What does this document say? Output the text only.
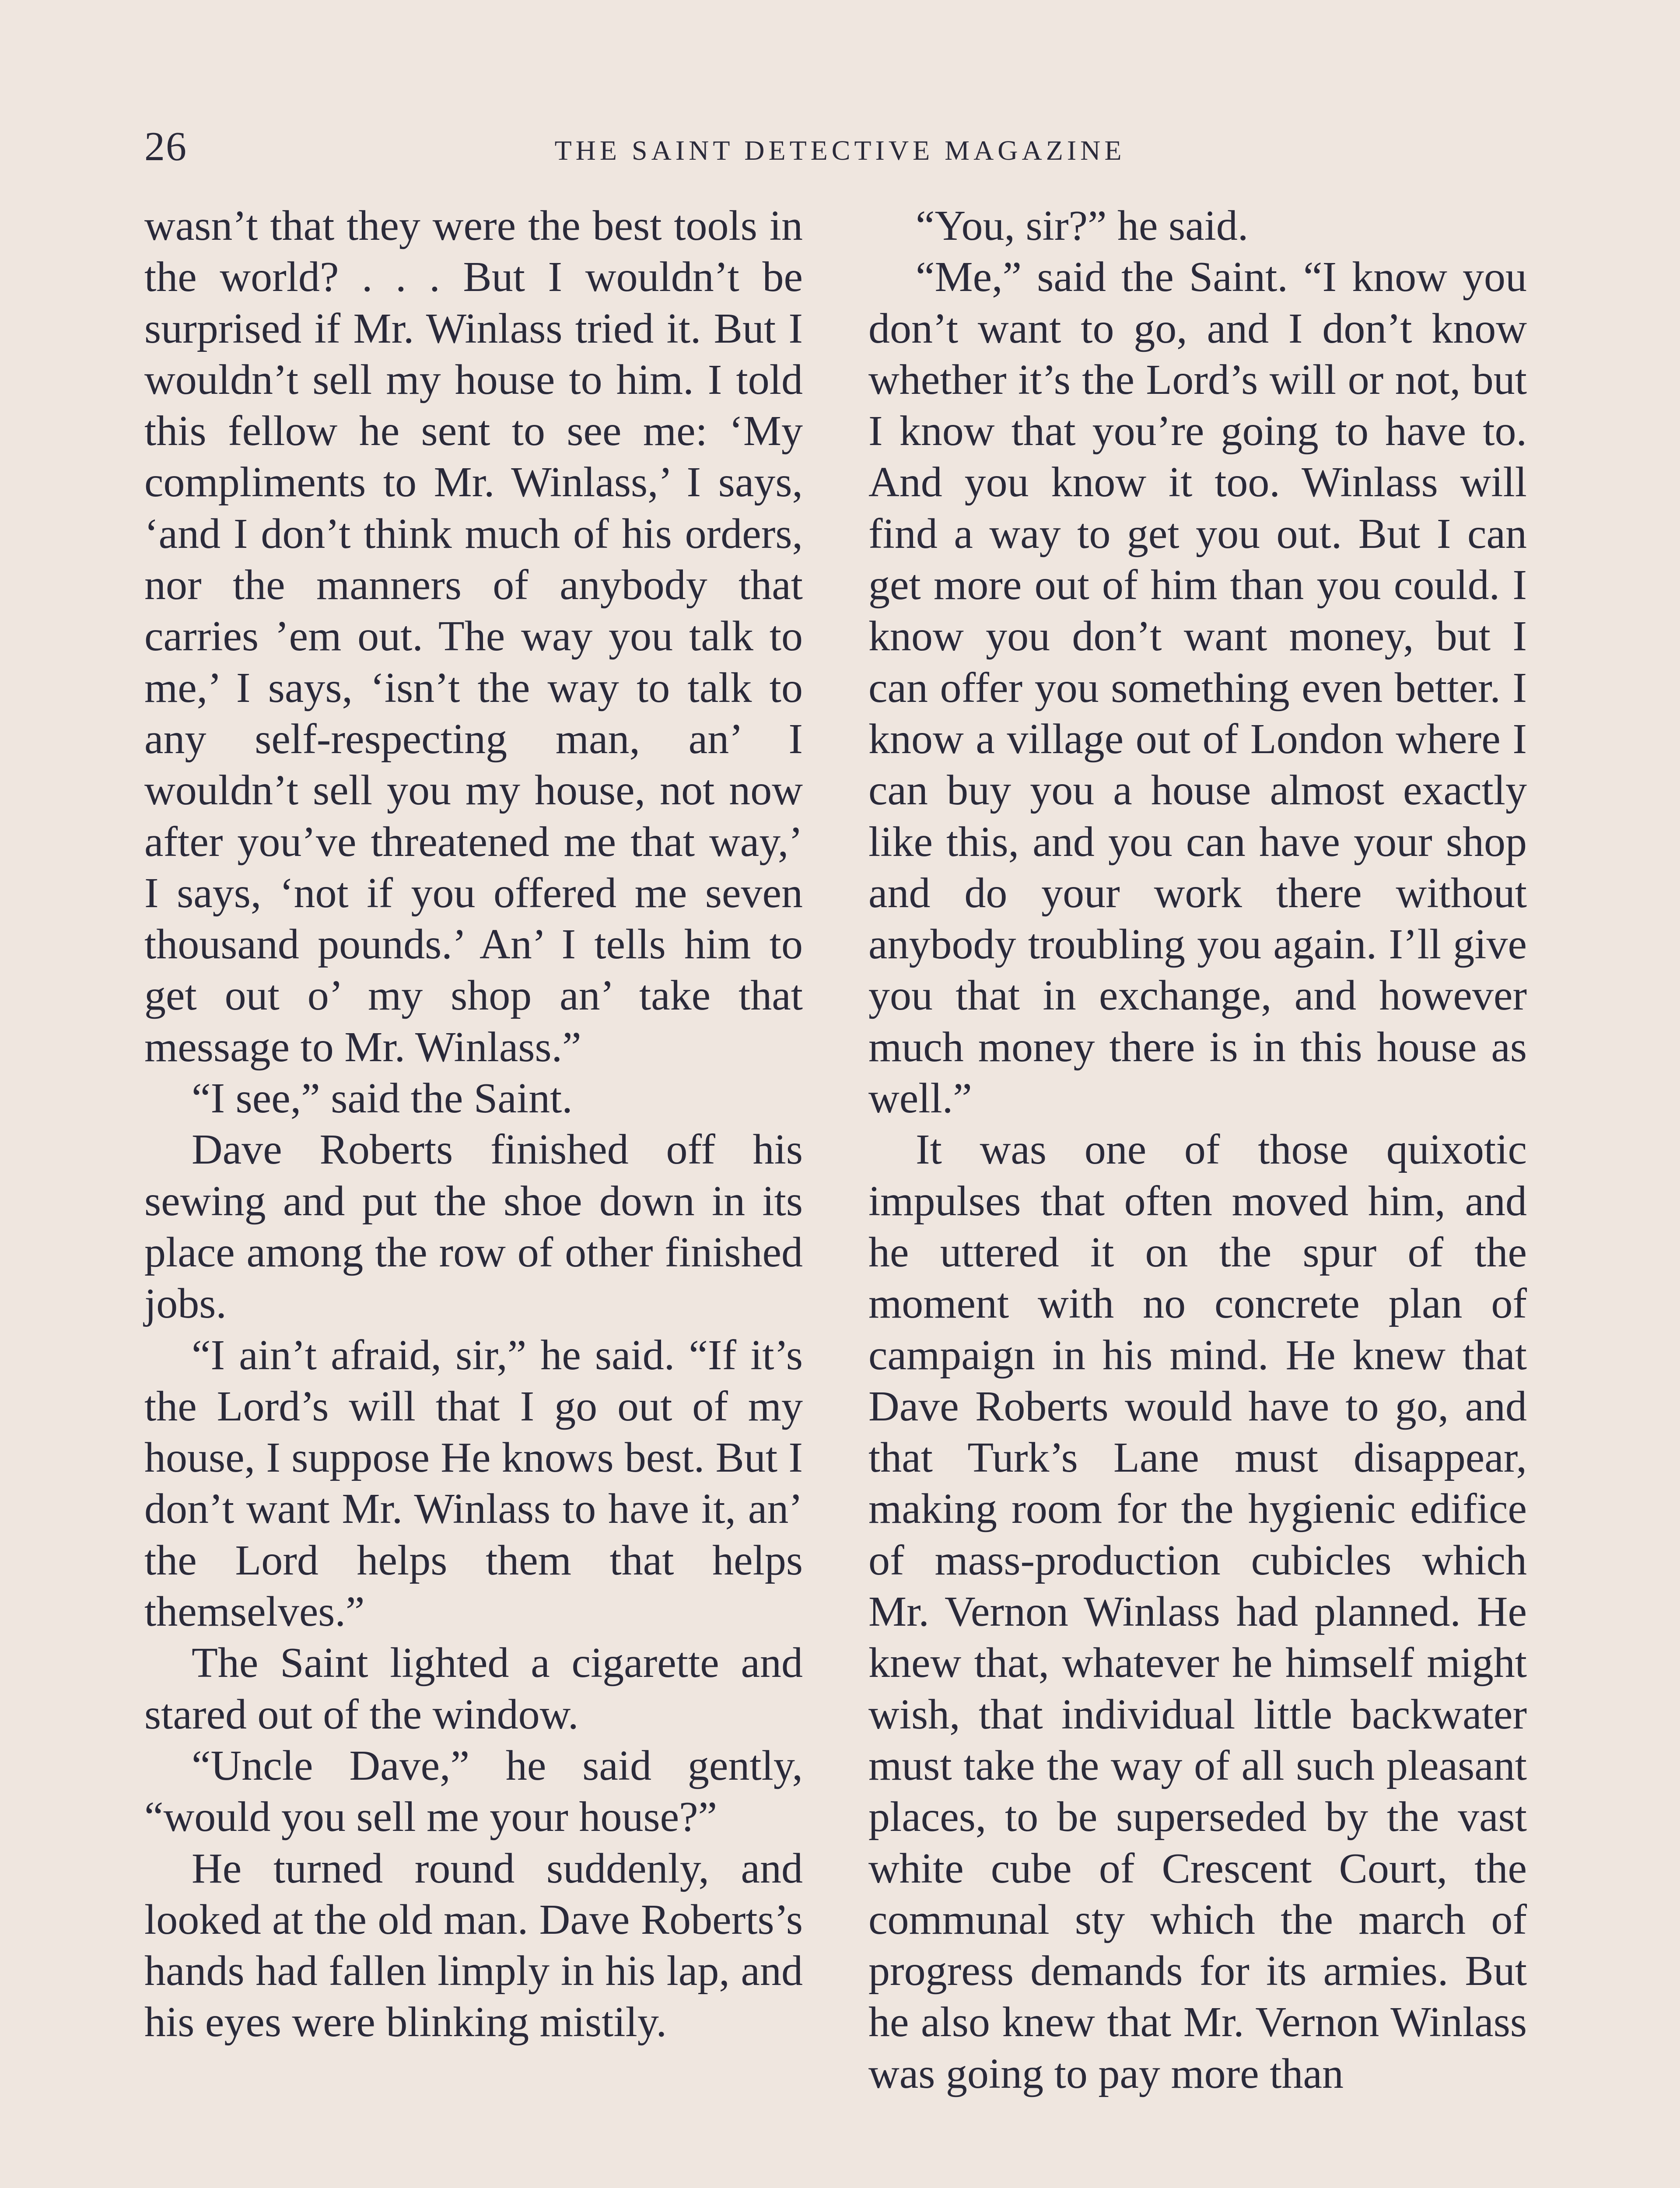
26	THE SAINT DETECTIVE MAGAZINE

wasn’t that they were the best tools in the world? . . . But I wouldn’t be surprised if Mr. Winlass tried it. But I wouldn’t sell my house to him. I told this fellow he sent to see me: ‘My compliments to Mr. Winlass,’ I says, ‘and I don’t think much of his orders, nor the manners of anybody that carries ’em out. The way you talk to me,’ I says, ‘isn’t the way to talk to any self-respecting man, an’ I wouldn’t sell you my house, not now after you’ve threatened me that way,’ I says, ‘not if you offered me seven thousand pounds.’ An’ I tells him to get out o’ my shop an’ take that message to Mr. Winlass.”

“I see,” said the Saint.

Dave Roberts finished off his sewing and put the shoe down in its place among the row of other finished jobs.

“I ain’t afraid, sir,” he said. “If it’s the Lord’s will that I go out of my house, I suppose He knows best. But I don’t want Mr. Winlass to have it, an’ the Lord helps them that helps themselves.”

The Saint lighted a cigarette and stared out of the window.

“Uncle Dave,” he said gently, “would you sell me your house?”

He turned round suddenly, and looked at the old man. Dave Roberts’s hands had fallen limply in his lap, and his eyes were blinking mistily.

“You, sir?” he said.

“Me,” said the Saint. “I know you don’t want to go, and I don’t know whether it’s the Lord’s will or not, but I know that you’re going to have to. And you know it too. Winlass will find a way to get you out. But I can get more out of him than you could. I know you don’t want money, but I can offer you something even better. I know a village out of London where I can buy you a house almost exactly like this, and you can have your shop and do your work there without anybody troubling you again. I’ll give you that in exchange, and however much money there is in this house as well.”

It was one of those quixotic impulses that often moved him, and he uttered it on the spur of the moment with no concrete plan of campaign in his mind. He knew that Dave Roberts would have to go, and that Turk’s Lane must disappear, making room for the hygienic edifice of mass-production cubicles which Mr. Vernon Winlass had planned. He knew that, whatever he himself might wish, that individual little backwater must take the way of all such pleasant places, to be superseded by the vast white cube of Crescent Court, the communal sty which the march of progress demands for its armies. But he also knew that Mr. Vernon Winlass was going to pay more than
